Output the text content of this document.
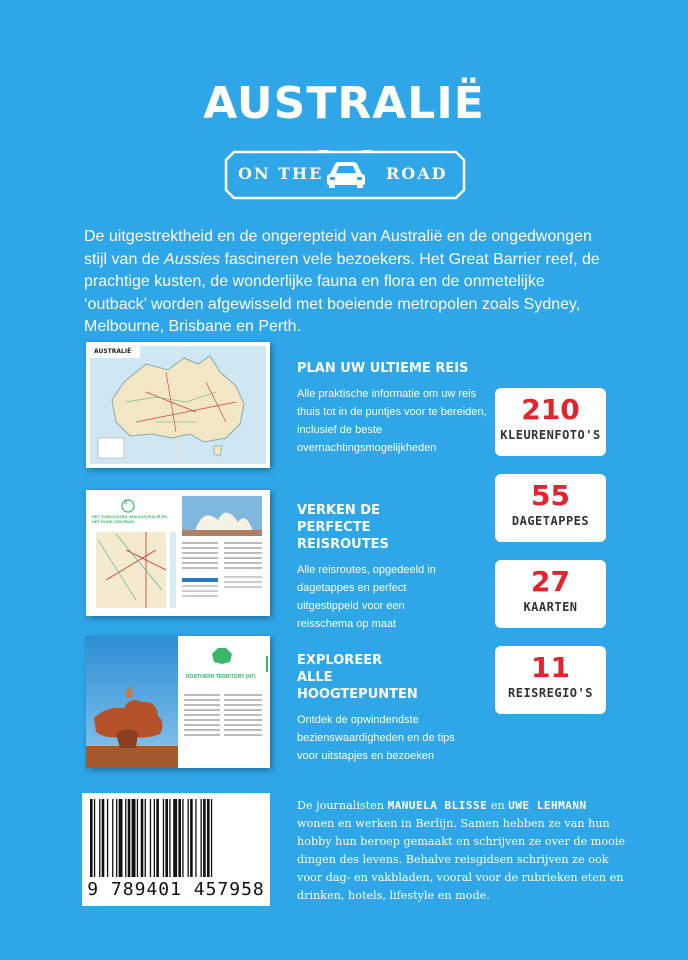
AUSTRALIË
ON THE	ROAD
De uitgestrektheid en de ongerepteid van Australië en de ongedwongen stijl van de Aussies fascineren vele bezoekers. Het Great Barrier reef, de prachtige kusten, de wonderlijke fauna en flora en de onmetelijke ‘outback’ worden afgewisseld met boeiende metropolen zoals Sydney, Melbourne, Brisbane en Perth.
AUSTRALIË
3
HET ZUIDOOSTEN VAN AUSTRALIË EN HET RODE CENTRUM
NORTHERN TERRITORY (NT)
PLAN UW ULTIEME REIS

Alle praktische informatie om uw reis thuis tot in de puntjes voor te bereiden, inclusief de beste overnachtingsmogelijkheden

VERKEN DE PERFECTE REISROUTES

Alle reisroutes, opgedeeld in dagetappes en perfect uitgestippeld voor een reisschema op maat

EXPLOREER ALLE HOOGTEPUNTEN

Ontdek de opwindendste bezienswaardigheden en de tips voor uitstapjes en bezoeken

210
KLEURENFOTO'S
55
DAGETAPPES
27
KAARTEN
11
REISREGIO'S
9 789401 457958
De journalisten MANUELA BLISSE en UWE LEHMANN wonen en werken in Berlijn. Samen hebben ze van hun hobby hun beroep gemaakt en schrijven ze over de mooie dingen des levens. Behalve reisgidsen schrijven ze ook voor dag- en vakbladen, vooral voor de rubrieken eten en drinken, hotels, lifestyle en mode.
